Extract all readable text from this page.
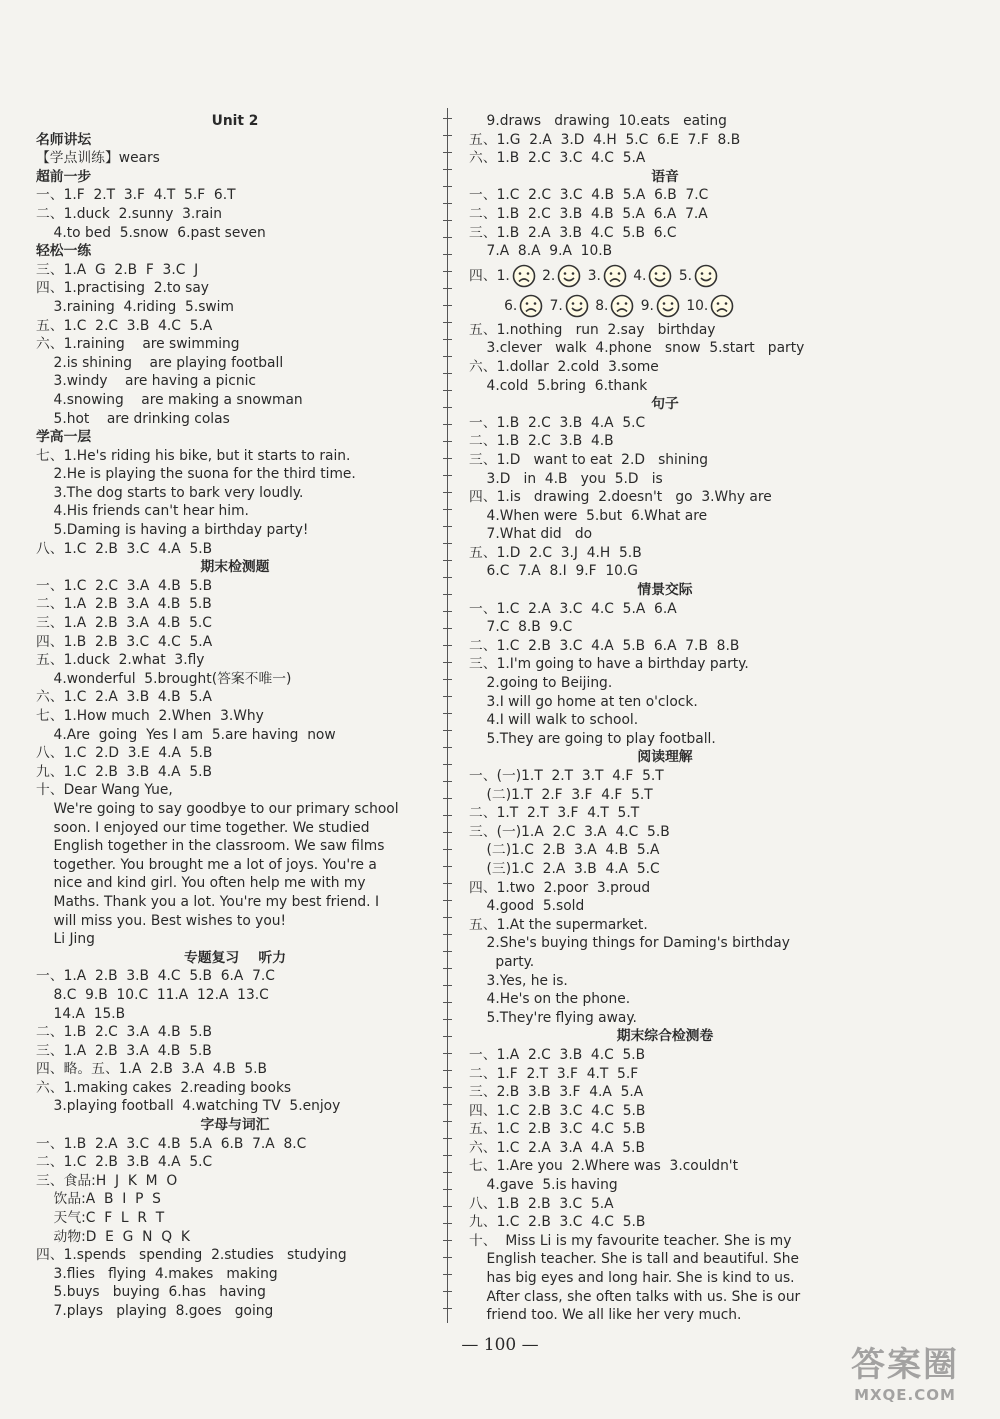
Unit 2
名师讲坛
【学点训练】wears
超前一步
一、1.F  2.T  3.F  4.T  5.F  6.T
二、1.duck  2.sunny  3.rain
4.to bed  5.snow  6.past seven
轻松一练
三、1.A  G  2.B  F  3.C  J
四、1.practising  2.to say
3.raining  4.riding  5.swim
五、1.C  2.C  3.B  4.C  5.A
六、1.raining    are swimming
2.is shining    are playing football
3.windy    are having a picnic
4.snowing    are making a snowman
5.hot    are drinking colas
学高一层
七、1.He's riding his bike, but it starts to rain.
2.He is playing the suona for the third time.
3.The dog starts to bark very loudly.
4.His friends can't hear him.
5.Daming is having a birthday party!
八、1.C  2.B  3.C  4.A  5.B
期末检测题
一、1.C  2.C  3.A  4.B  5.B
二、1.A  2.B  3.A  4.B  5.B
三、1.A  2.B  3.A  4.B  5.C
四、1.B  2.B  3.C  4.C  5.A
五、1.duck  2.what  3.fly
4.wonderful  5.brought(答案不唯一)
六、1.C  2.A  3.B  4.B  5.A
七、1.How much  2.When  3.Why
4.Are  going  Yes I am  5.are having  now
八、1.C  2.D  3.E  4.A  5.B
九、1.C  2.B  3.B  4.A  5.B
十、Dear Wang Yue,
We're going to say goodbye to our primary school
soon. I enjoyed our time together. We studied
English together in the classroom. We saw films
together. You brought me a lot of joys. You're a
nice and kind girl. You often help me with my
Maths. Thank you a lot. You're my best friend. I
will miss you. Best wishes to you!
Li Jing
专题复习    听力
一、1.A  2.B  3.B  4.C  5.B  6.A  7.C
8.C  9.B  10.C  11.A  12.A  13.C
14.A  15.B
二、1.B  2.C  3.A  4.B  5.B
三、1.A  2.B  3.A  4.B  5.B
四、略。五、1.A  2.B  3.A  4.B  5.B
六、1.making cakes  2.reading books
3.playing football  4.watching TV  5.enjoy
字母与词汇
一、1.B  2.A  3.C  4.B  5.A  6.B  7.A  8.C
二、1.C  2.B  3.B  4.A  5.C
三、食品:H  J  K  M  O
饮品:A  B  I  P  S
天气:C  F  L  R  T
动物:D  E  G  N  Q  K
四、1.spends   spending  2.studies   studying
3.flies   flying  4.makes   making
5.buys   buying  6.has   having
7.plays   playing  8.goes   going
9.draws   drawing  10.eats   eating
五、1.G  2.A  3.D  4.H  5.C  6.E  7.F  8.B
六、1.B  2.C  3.C  4.C  5.A
语音
一、1.C  2.C  3.C  4.B  5.A  6.B  7.C
二、1.B  2.C  3.B  4.B  5.A  6.A  7.A
三、1.B  2.A  3.B  4.C  5.B  6.C
7.A  8.A  9.A  10.B
四、1. 2. 3. 4. 5.
6. 7. 8. 9. 10.
五、1.nothing   run  2.say   birthday
3.clever   walk  4.phone   snow  5.start   party
六、1.dollar  2.cold  3.some
4.cold  5.bring  6.thank
句子
一、1.B  2.C  3.B  4.A  5.C
二、1.B  2.C  3.B  4.B
三、1.D   want to eat  2.D   shining
3.D   in  4.B   you  5.D   is
四、1.is   drawing  2.doesn't   go  3.Why are
4.When were  5.but  6.What are
7.What did   do
五、1.D  2.C  3.J  4.H  5.B
6.C  7.A  8.I  9.F  10.G
情景交际
一、1.C  2.A  3.C  4.C  5.A  6.A
7.C  8.B  9.C
二、1.C  2.B  3.C  4.A  5.B  6.A  7.B  8.B
三、1.I'm going to have a birthday party.
2.going to Beijing.
3.I will go home at ten o'clock.
4.I will walk to school.
5.They are going to play football.
阅读理解
一、(一)1.T  2.T  3.T  4.F  5.T
(二)1.T  2.F  3.F  4.F  5.T
二、1.T  2.T  3.F  4.T  5.T
三、(一)1.A  2.C  3.A  4.C  5.B
(二)1.C  2.B  3.A  4.B  5.A
(三)1.C  2.A  3.B  4.A  5.C
四、1.two  2.poor  3.proud
4.good  5.sold
五、1.At the supermarket.
2.She's buying things for Daming's birthday
party.
3.Yes, he is.
4.He's on the phone.
5.They're flying away.
期末综合检测卷
一、1.A  2.C  3.B  4.C  5.B
二、1.F  2.T  3.F  4.T  5.F
三、2.B  3.B  3.F  4.A  5.A
四、1.C  2.B  3.C  4.C  5.B
五、1.C  2.B  3.C  4.C  5.B
六、1.C  2.A  3.A  4.A  5.B
七、1.Are you  2.Where was  3.couldn't
4.gave  5.is having
八、1.B  2.B  3.C  5.A
九、1.C  2.B  3.C  4.C  5.B
十、  Miss Li is my favourite teacher. She is my
English teacher. She is tall and beautiful. She
has big eyes and long hair. She is kind to us.
After class, she often talks with us. She is our
friend too. We all like her very much.
— 100 —	答案圈
MXQE.COM
